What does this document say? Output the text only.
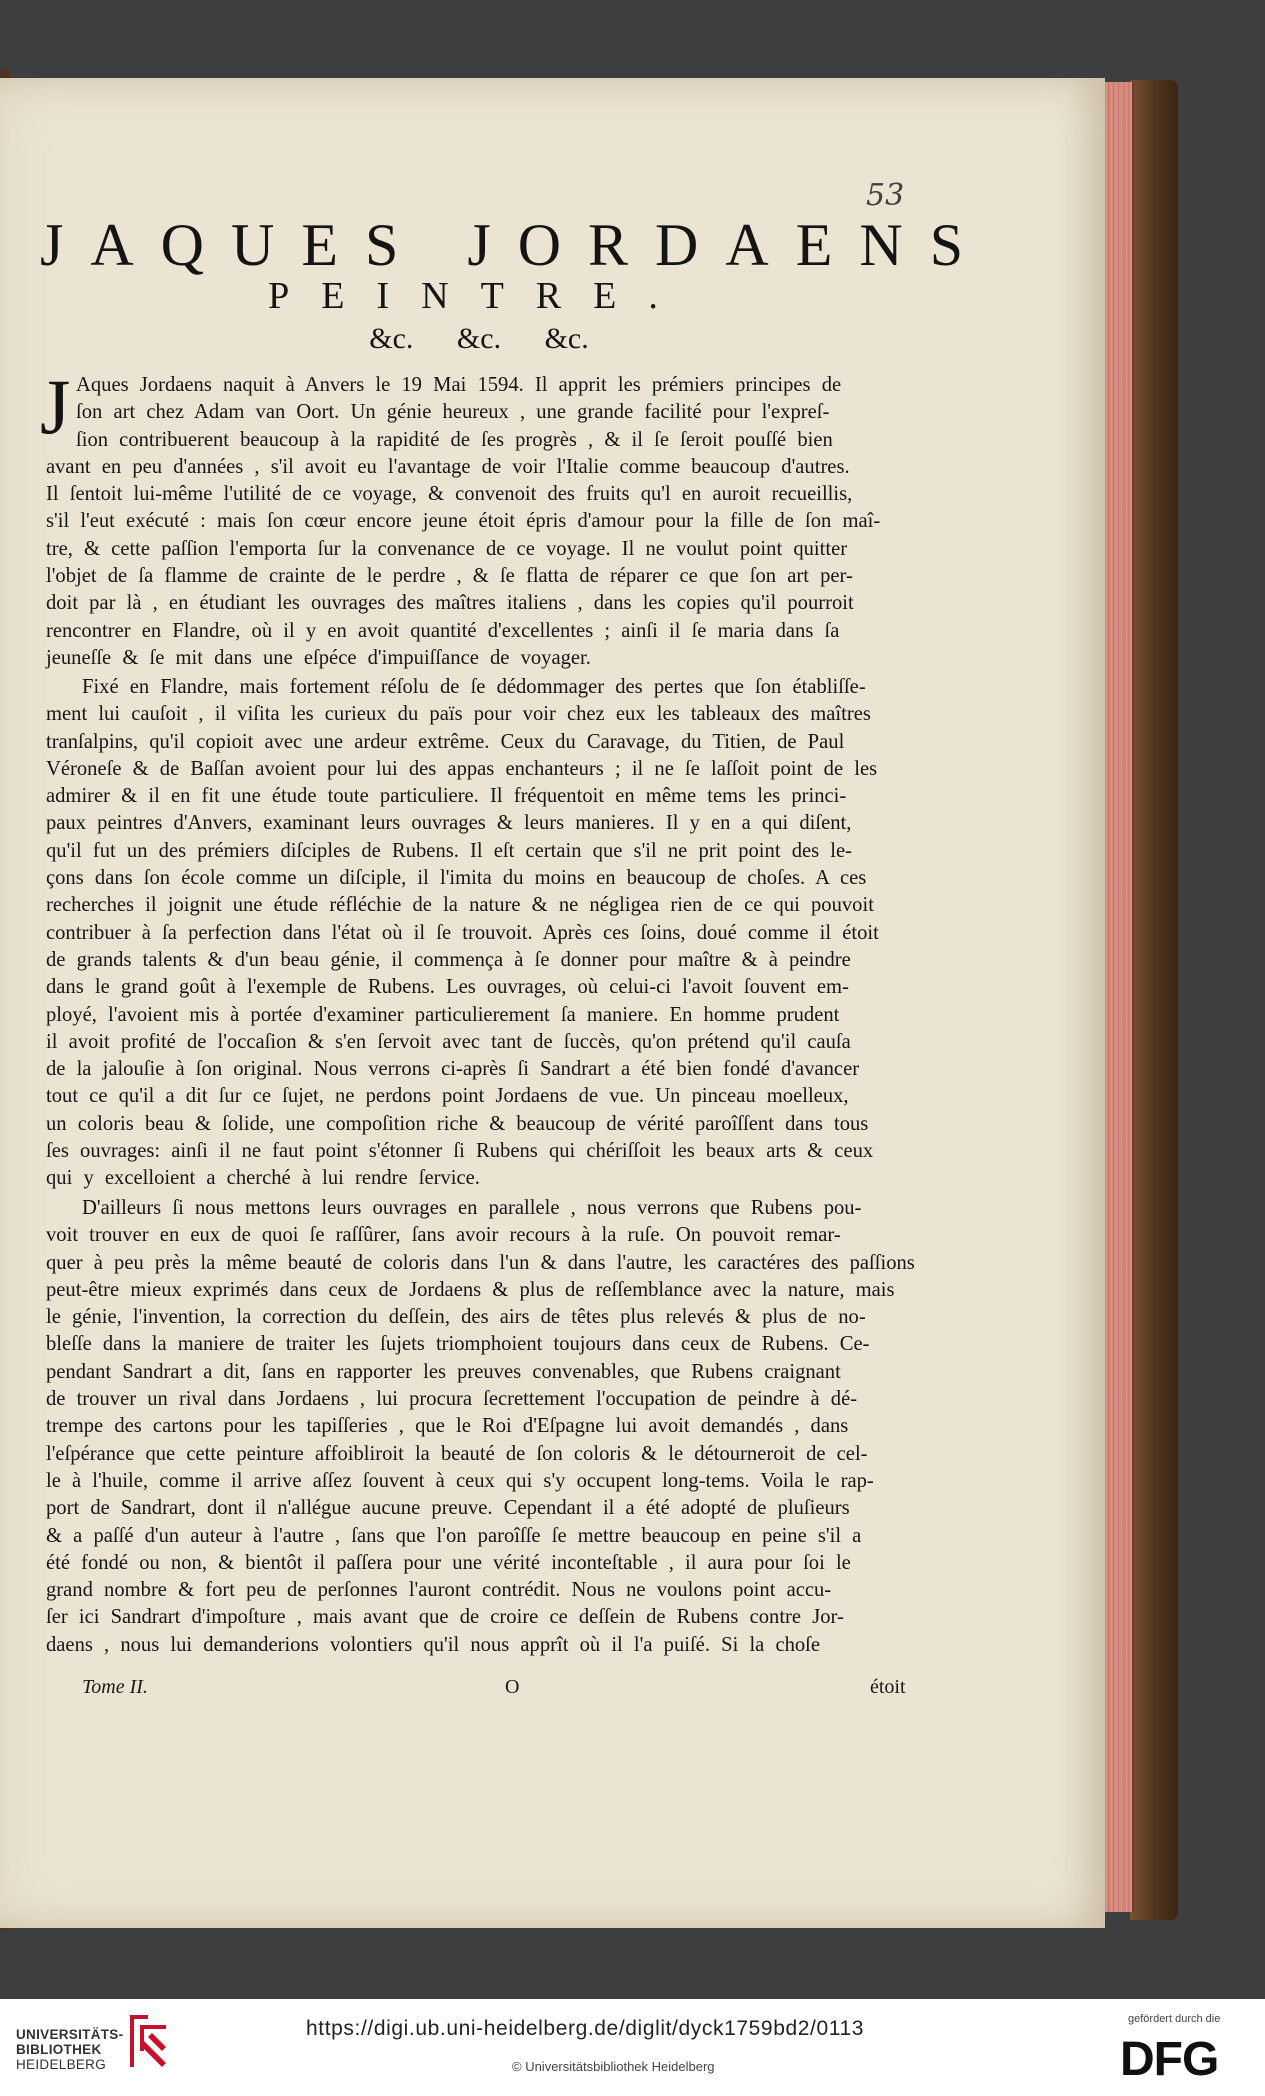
53
JAQUES JORDAENS
PEINTRE.
&c. &c. &c.
J Aques Jordaens naquit à Anvers le 19 Mai 1594. Il apprit les prémiers principes de
ſon art chez Adam van Oort. Un génie heureux , une grande facilité pour l'expreſ-
ſion contribuerent beaucoup à la rapidité de ſes progrès , & il ſe ſeroit pouſſé bien
avant en peu d'années , s'il avoit eu l'avantage de voir l'Italie comme beaucoup d'autres.
Il ſentoit lui-même l'utilité de ce voyage, & convenoit des fruits qu'l en auroit recueillis,
s'il l'eut exécuté : mais ſon cœur encore jeune étoit épris d'amour pour la fille de ſon maî-
tre, & cette paſſion l'emporta ſur la convenance de ce voyage. Il ne voulut point quitter
l'objet de ſa flamme de crainte de le perdre , & ſe flatta de réparer ce que ſon art per-
doit par là , en étudiant les ouvrages des maîtres italiens , dans les copies qu'il pourroit
rencontrer en Flandre, où il y en avoit quantité d'excellentes ; ainſi il ſe maria dans ſa
jeuneſſe & ſe mit dans une eſpéce d'impuiſſance de voyager.
Fixé en Flandre, mais fortement réſolu de ſe dédommager des pertes que ſon établiſſe-
ment lui cauſoit , il viſita les curieux du païs pour voir chez eux les tableaux des maîtres
tranſalpins, qu'il copioit avec une ardeur extrême. Ceux du Caravage, du Titien, de Paul
Véroneſe & de Baſſan avoient pour lui des appas enchanteurs ; il ne ſe laſſoit point de les
admirer & il en fit une étude toute particuliere. Il fréquentoit en même tems les princi-
paux peintres d'Anvers, examinant leurs ouvrages & leurs manieres. Il y en a qui diſent,
qu'il fut un des prémiers diſciples de Rubens. Il eſt certain que s'il ne prit point des le-
çons dans ſon école comme un diſciple, il l'imita du moins en beaucoup de choſes. A ces
recherches il joignit une étude réfléchie de la nature & ne négligea rien de ce qui pouvoit
contribuer à ſa perfection dans l'état où il ſe trouvoit. Après ces ſoins, doué comme il étoit
de grands talents & d'un beau génie, il commença à ſe donner pour maître & à peindre
dans le grand goût à l'exemple de Rubens. Les ouvrages, où celui-ci l'avoit ſouvent em-
ployé, l'avoient mis à portée d'examiner particulierement ſa maniere. En homme prudent
il avoit profité de l'occaſion & s'en ſervoit avec tant de ſuccès, qu'on prétend qu'il cauſa
de la jalouſie à ſon original. Nous verrons ci-après ſi Sandrart a été bien fondé d'avancer
tout ce qu'il a dit ſur ce ſujet, ne perdons point Jordaens de vue. Un pinceau moelleux,
un coloris beau & ſolide, une compoſition riche & beaucoup de vérité paroîſſent dans tous
ſes ouvrages: ainſi il ne faut point s'étonner ſi Rubens qui chériſſoit les beaux arts & ceux
qui y excelloient a cherché à lui rendre ſervice.
D'ailleurs ſi nous mettons leurs ouvrages en parallele , nous verrons que Rubens pou-
voit trouver en eux de quoi ſe raſſûrer, ſans avoir recours à la ruſe. On pouvoit remar-
quer à peu près la même beauté de coloris dans l'un & dans l'autre, les caractéres des paſſions
peut-être mieux exprimés dans ceux de Jordaens & plus de reſſemblance avec la nature, mais
le génie, l'invention, la correction du deſſein, des airs de têtes plus relevés & plus de no-
bleſſe dans la maniere de traiter les ſujets triomphoient toujours dans ceux de Rubens. Ce-
pendant Sandrart a dit, ſans en rapporter les preuves convenables, que Rubens craignant
de trouver un rival dans Jordaens , lui procura ſecrettement l'occupation de peindre à dé-
trempe des cartons pour les tapiſſeries , que le Roi d'Eſpagne lui avoit demandés , dans
l'eſpérance que cette peinture affoibliroit la beauté de ſon coloris & le détourneroit de cel-
le à l'huile, comme il arrive aſſez ſouvent à ceux qui s'y occupent long-tems. Voila le rap-
port de Sandrart, dont il n'allégue aucune preuve. Cependant il a été adopté de pluſieurs
& a paſſé d'un auteur à l'autre , ſans que l'on paroîſſe ſe mettre beaucoup en peine s'il a
été fondé ou non, & bientôt il paſſera pour une vérité inconteſtable , il aura pour ſoi le
grand nombre & fort peu de perſonnes l'auront contrédit. Nous ne voulons point accu-
ſer ici Sandrart d'impoſture , mais avant que de croire ce deſſein de Rubens contre Jor-
daens , nous lui demanderions volontiers qu'il nous apprît où il l'a puiſé. Si la choſe
Tome II.	O	étoit
UNIVERSITÄTS-
BIBLIOTHEK
HEIDELBERG
https://digi.ub.uni-heidelberg.de/diglit/dyck1759bd2/0113
© Universitätsbibliothek Heidelberg
gefördert durch die
DFG
